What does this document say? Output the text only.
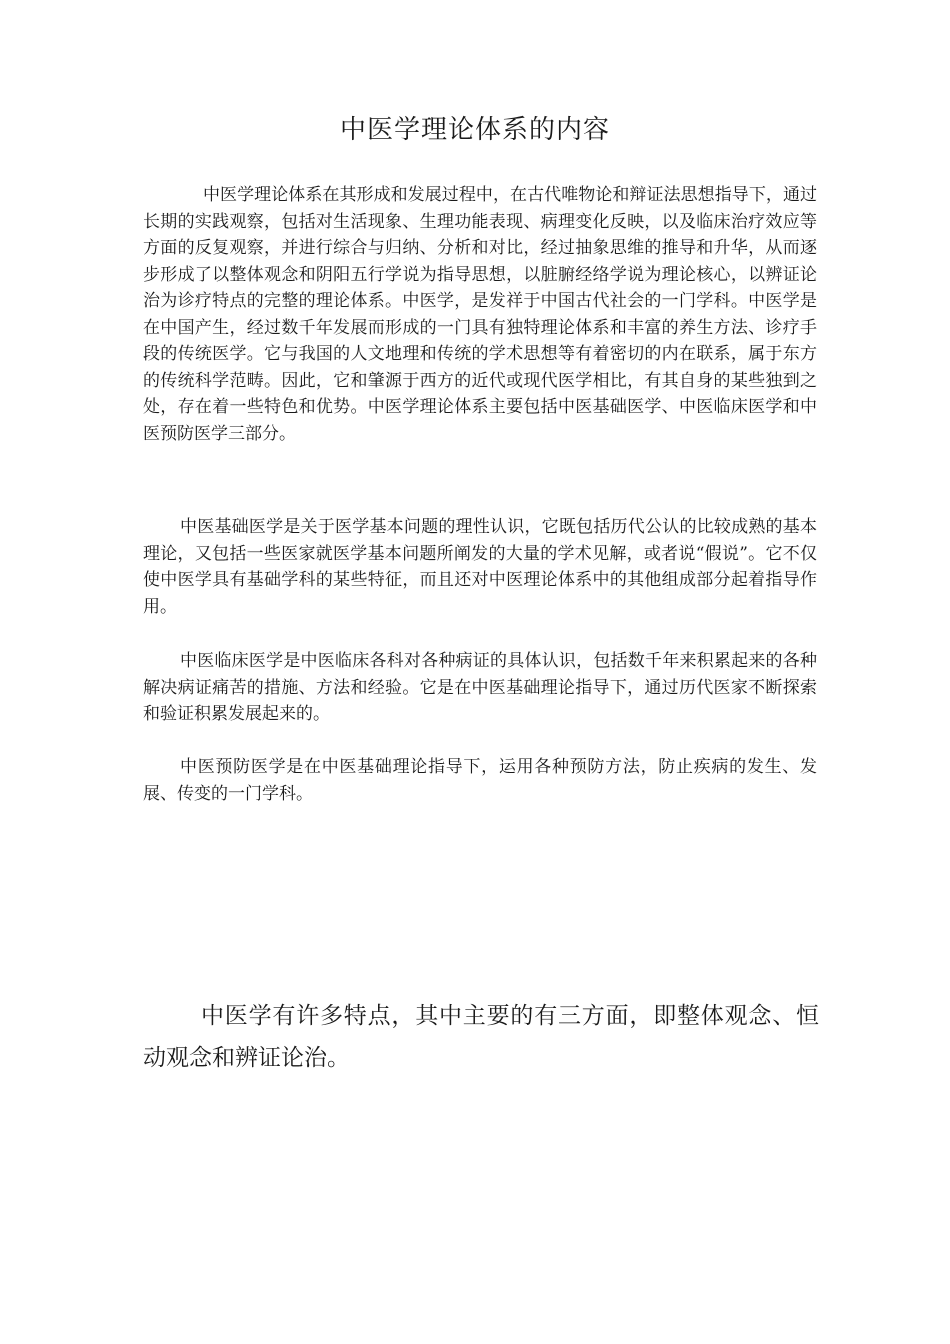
中医学理论体系的内容

中医学理论体系在其形成和发展过程中，在古代唯物论和辩证法思想指导下，通过长期的实践观察，包括对生活现象、生理功能表现、病理变化反映，以及临床治疗效应等方面的反复观察，并进行综合与归纳、分析和对比，经过抽象思维的推导和升华，从而逐步形成了以整体观念和阴阳五行学说为指导思想，以脏腑经络学说为理论核心，以辨证论治为诊疗特点的完整的理论体系。中医学，是发祥于中国古代社会的一门学科。中医学是在中国产生，经过数千年发展而形成的一门具有独特理论体系和丰富的养生方法、诊疗手段的传统医学。它与我国的人文地理和传统的学术思想等有着密切的内在联系，属于东方的传统科学范畴。因此，它和肇源于西方的近代或现代医学相比，有其自身的某些独到之处，存在着一些特色和优势。中医学理论体系主要包括中医基础医学、中医临床医学和中医预防医学三部分。

中医基础医学是关于医学基本问题的理性认识，它既包括历代公认的比较成熟的基本理论，又包括一些医家就医学基本问题所阐发的大量的学术见解，或者说“假说”。它不仅使中医学具有基础学科的某些特征，而且还对中医理论体系中的其他组成部分起着指导作用。

中医临床医学是中医临床各科对各种病证的具体认识，包括数千年来积累起来的各种解决病证痛苦的措施、方法和经验。它是在中医基础理论指导下，通过历代医家不断探索和验证积累发展起来的。

中医预防医学是在中医基础理论指导下，运用各种预防方法，防止疾病的发生、发展、传变的一门学科。

中医学有许多特点，其中主要的有三方面，即整体观念、恒动观念和辨证论治。
